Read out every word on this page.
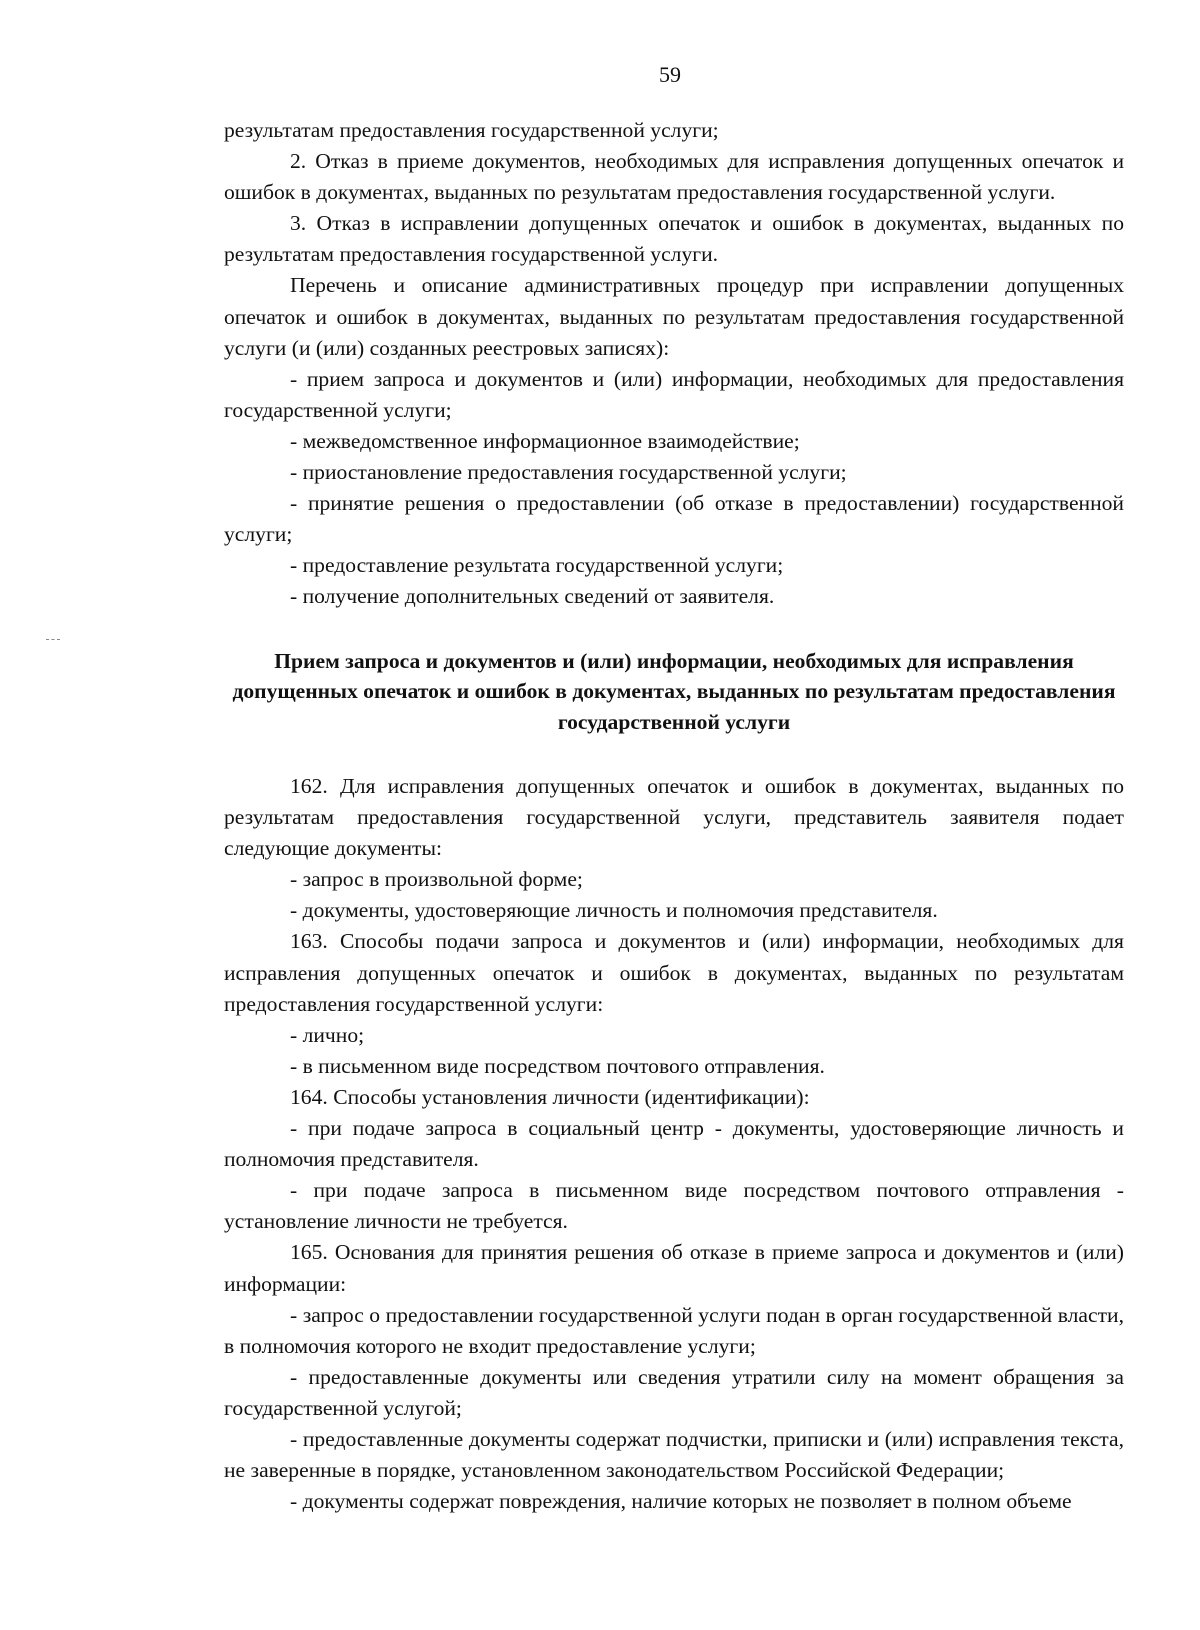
59

результатам предоставления государственной услуги;

2. Отказ в приеме документов, необходимых для исправления допущенных опечаток и ошибок в документах, выданных по результатам предоставления государственной услуги.

3. Отказ в исправлении допущенных опечаток и ошибок в документах, выданных по результатам предоставления государственной услуги.

Перечень и описание административных процедур при исправлении допущенных опечаток и ошибок в документах, выданных по результатам предоставления государственной услуги (и (или) созданных реестровых записях):

- прием запроса и документов и (или) информации, необходимых для предоставления государственной услуги;

- межведомственное информационное взаимодействие;

- приостановление предоставления государственной услуги;

- принятие решения о предоставлении (об отказе в предоставлении) государственной услуги;

- предоставление результата государственной услуги;

- получение дополнительных сведений от заявителя.

Прием запроса и документов и (или) информации, необходимых для исправления допущенных опечаток и ошибок в документах, выданных по результатам предоставления государственной услуги

162. Для исправления допущенных опечаток и ошибок в документах, выданных по результатам предоставления государственной услуги, представитель заявителя подает следующие документы:

- запрос в произвольной форме;

- документы, удостоверяющие личность и полномочия представителя.

163. Способы подачи запроса и документов и (или) информации, необходимых для исправления допущенных опечаток и ошибок в документах, выданных по результатам предоставления государственной услуги:

- лично;

- в письменном виде посредством почтового отправления.

164. Способы установления личности (идентификации):

- при подаче запроса в социальный центр - документы, удостоверяющие личность и полномочия представителя.

- при подаче запроса в письменном виде посредством почтового отправления - установление личности не требуется.

165. Основания для принятия решения об отказе в приеме запроса и документов и (или) информации:

- запрос о предоставлении государственной услуги подан в орган государственной власти, в полномочия которого не входит предоставление услуги;

- предоставленные документы или сведения утратили силу на момент обращения за государственной услугой;

- предоставленные документы содержат подчистки, приписки и (или) исправления текста, не заверенные в порядке, установленном законодательством Российской Федерации;

- документы содержат повреждения, наличие которых не позволяет в полном объеме
